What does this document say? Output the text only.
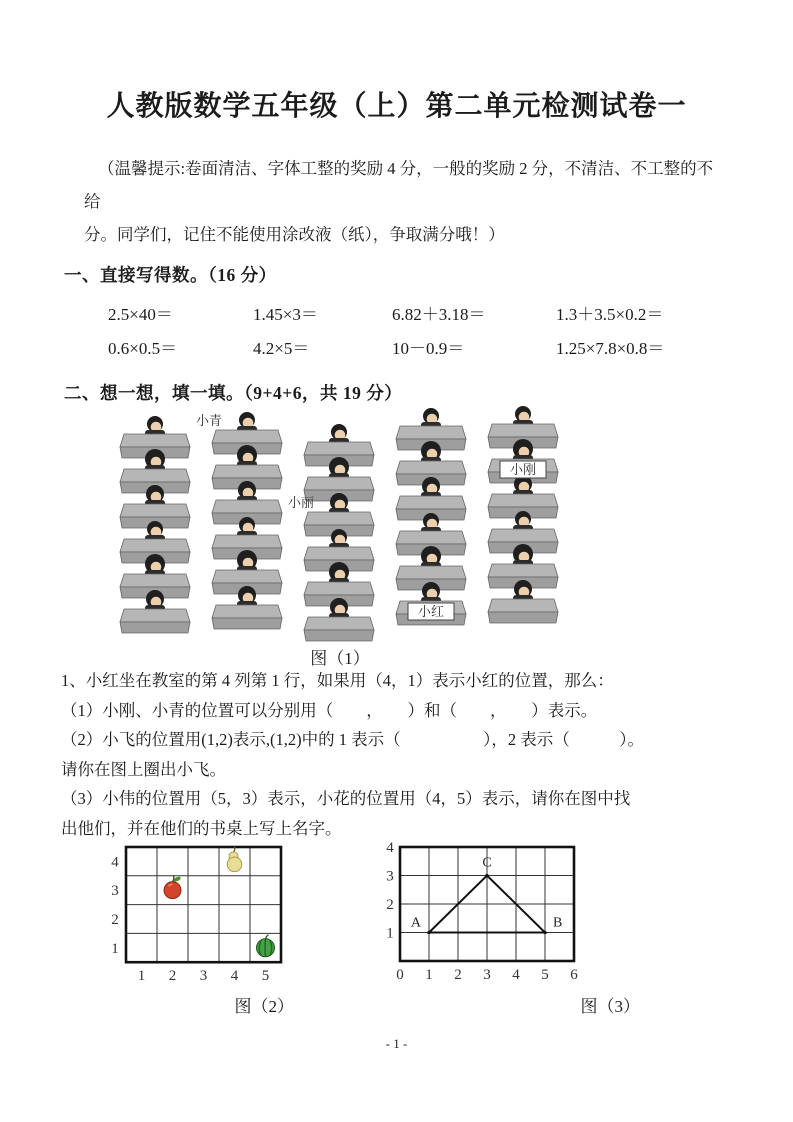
人教版数学五年级（上）第二单元检测试卷一
（温馨提示:卷面清洁、字体工整的奖励 4 分，一般的奖励 2 分，不清洁、不工整的不给
分。同学们，记住不能使用涂改液（纸），争取满分哦！）
一、直接写得数。（16 分）
2.5×40＝	1.45×3＝	6.82＋3.18＝	1.3＋3.5×0.2＝
0.6×0.5＝	4.2×5＝	10－0.9＝	1.25×7.8×0.8＝
二、想一想，填一填。（9+4+6，共 19 分）
小青
小刚
小丽
小红
图（1）
1、小红坐在教室的第 4 列第 1 行，如果用（4，1）表示小红的位置，那么：
（1）小刚、小青的位置可以分别用（　　，　　）和（　　，　　）表示。
（2）小飞的位置用(1,2)表示,(1,2)中的 1 表示（　　　　　），2 表示（　　　）。
请你在图上圈出小飞。
（3）小伟的位置用（5，3）表示，小花的位置用（4，5）表示，请你在图中找
出他们，并在他们的书桌上写上名字。
4
3
2
1
1 2 3 4 5
图（2）
4
3
2
1
0 1 2 3 4 5 6
A	B
C
图（3）
- 1 -
